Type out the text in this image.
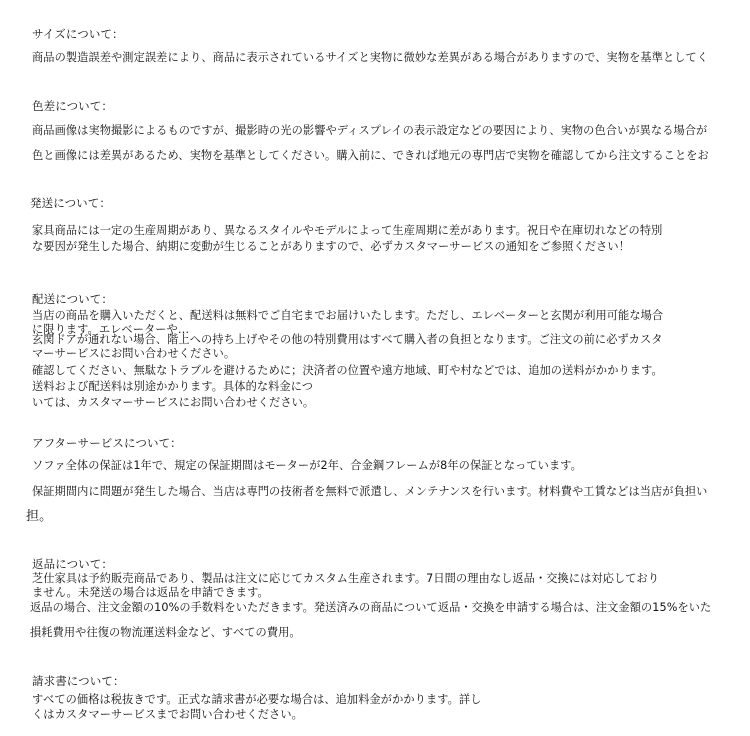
サイズについて：
商品の製造誤差や測定誤差により、商品に表示されているサイズと実物に微妙な差異がある場合がありますので、実物を基準としてく
色差について：
商品画像は実物撮影によるものですが、撮影時の光の影響やディスプレイの表示設定などの要因により、実物の色合いが異なる場合が
色と画像には差異があるため、実物を基準としてください。購入前に、できれば地元の専門店で実物を確認してから注文することをお
発送について：
家具商品には一定の生産周期があり、異なるスタイルやモデルによって生産周期に差があります。祝日や在庫切れなどの特別
な要因が発生した場合、納期に変動が生じることがありますので、必ずカスタマーサービスの通知をご参照ください！
配送について：
当店の商品を購入いただくと、配送料は無料でご自宅までお届けいたします。ただし、エレベーターと玄関が利用可能な場合
に限ります。エレベーターや…
玄関ドアが通れない場合、階上への持ち上げやその他の特別費用はすべて購入者の負担となります。ご注文の前に必ずカスタ
マーサービスにお問い合わせください。
確認してください、無駄なトラブルを避けるために；決済者の位置や遠方地域、町や村などでは、追加の送料がかかります。
送料および配送料は別途かかります。具体的な料金につ
いては、カスタマーサービスにお問い合わせください。
アフターサービスについて：
ソファ全体の保証は1年で、規定の保証期間はモーターが2年、合金鋼フレームが8年の保証となっています。
保証期間内に問題が発生した場合、当店は専門の技術者を無料で派遣し、メンテナンスを行います。材料費や工賃などは当店が負担い
担。
返品について：
芝仕家具は予約販売商品であり、製品は注文に応じてカスタム生産されます。7日間の理由なし返品・交換には対応しており
ません。未発送の場合は返品を申請できます。
返品の場合、注文金額の10%の手数料をいただきます。発送済みの商品について返品・交換を申請する場合は、注文金額の15%をいた
損耗費用や往復の物流運送料金など、すべての費用。
請求書について：
すべての価格は税抜きです。正式な請求書が必要な場合は、追加料金がかかります。詳し
くはカスタマーサービスまでお問い合わせください。
